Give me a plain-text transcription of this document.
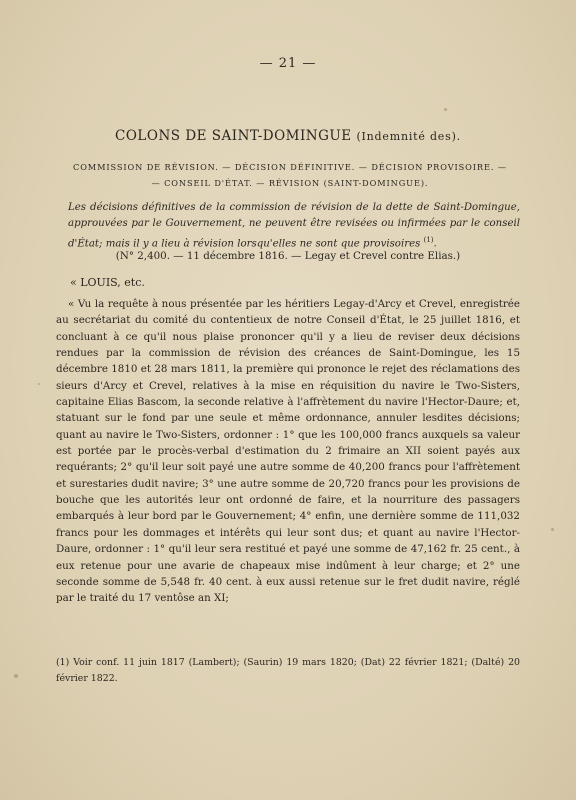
— 21 —
COLONS DE SAINT-DOMINGUE (Indemnité des).
COMMISSION DE RÉVISION. — DÉCISION DÉFINITIVE. — DÉCISION PROVISOIRE. —
— CONSEIL D'ÉTAT. — RÉVISION (SAINT-DOMINGUE).
Les décisions définitives de la commission de révision de la dette de Saint-Domingue, approuvées par le Gouvernement, ne peuvent être revisées ou infirmées par le conseil d'État; mais il y a lieu à révision lorsqu'elles ne sont que provisoires $^{(1)}$.
(N° 2,400. — 11 décembre 1816. — Legay et Crevel contre Elias.)
« LOUIS, etc.

« Vu la requête à nous présentée par les héritiers Legay-d'Arcy et Crevel, enregistrée au secrétariat du comité du contentieux de notre Conseil d'État, le 25 juillet 1816, et concluant à ce qu'il nous plaise prononcer qu'il y a lieu de reviser deux décisions rendues par la commission de révision des créances de Saint-Domingue, les 15 décembre 1810 et 28 mars 1811, la première qui prononce le rejet des réclamations des sieurs d'Arcy et Crevel, relatives à la mise en réquisition du navire le Two-Sisters, capitaine Elias Bascom, la seconde relative à l'affrètement du navire l'Hector-Daure; et, statuant sur le fond par une seule et même ordonnance, annuler lesdites décisions; quant au navire le Two-Sisters, ordonner : 1° que les 100,000 francs auxquels sa valeur est portée par le procès-verbal d'estimation du 2 frimaire an XII soient payés aux requérants; 2° qu'il leur soit payé une autre somme de 40,200 francs pour l'affrètement et surestaries dudit navire; 3° une autre somme de 20,720 francs pour les provisions de bouche que les autorités leur ont ordonné de faire, et la nourriture des passagers embarqués à leur bord par le Gouvernement; 4° enfin, une dernière somme de 111,032 francs pour les dommages et intérêts qui leur sont dus; et quant au navire l'Hector-Daure, ordonner : 1° qu'il leur sera restitué et payé une somme de 47,162 fr. 25 cent., à eux retenue pour une avarie de chapeaux mise indûment à leur charge; et 2° une seconde somme de 5,548 fr. 40 cent. à eux aussi retenue sur le fret dudit navire, réglé par le traité du 17 ventôse an XI;

(1) Voir conf. 11 juin 1817 (Lambert); (Saurin) 19 mars 1820; (Dat) 22 février 1821; (Dalté) 20 février 1822.
